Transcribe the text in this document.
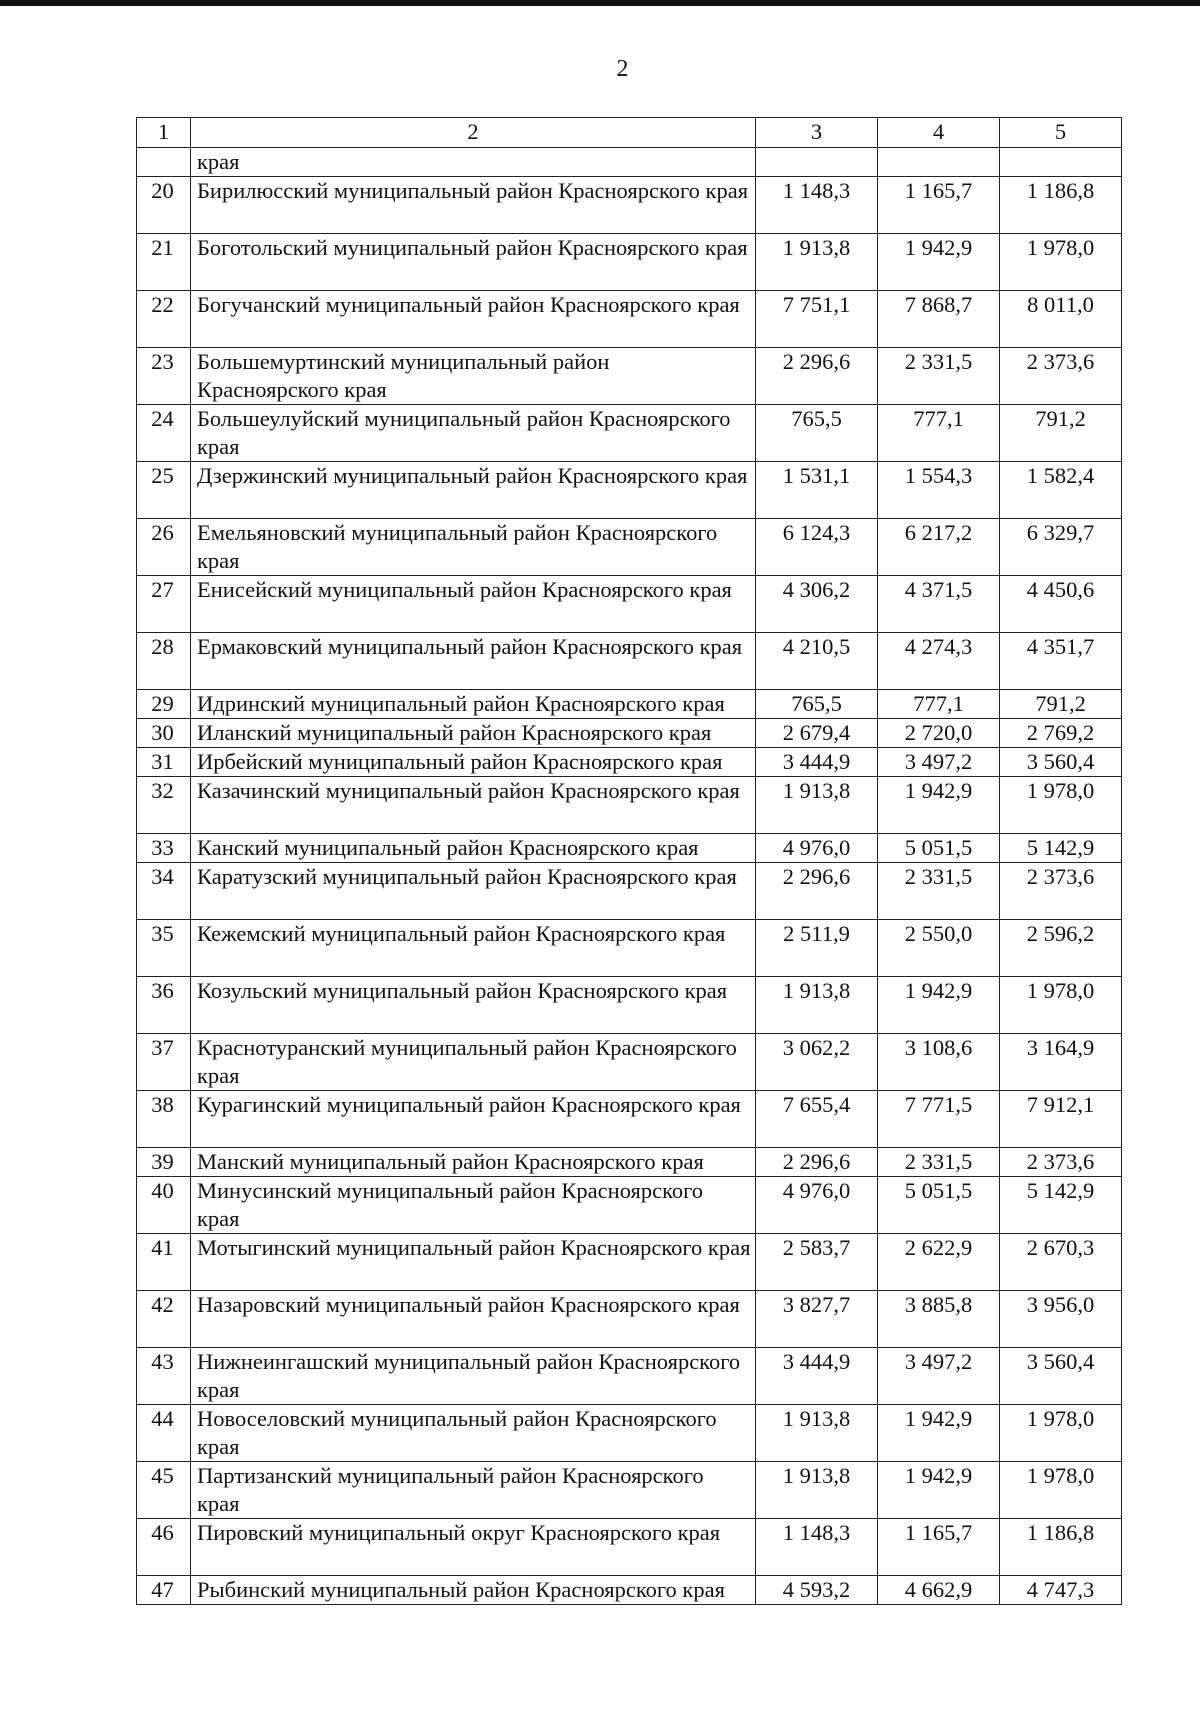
2
1	2	3	4	5
	края			
20	Бирилюсский муниципальный район Красноярского края	1 148,3	1 165,7	1 186,8
21	Боготольский муниципальный район Красноярского края	1 913,8	1 942,9	1 978,0
22	Богучанский муниципальный район Красноярского края	7 751,1	7 868,7	8 011,0
23	Большемуртинский муниципальный район Красноярского края	2 296,6	2 331,5	2 373,6
24	Большеулуйский муниципальный район Красноярского края	765,5	777,1	791,2
25	Дзержинский муниципальный район Красноярского края	1 531,1	1 554,3	1 582,4
26	Емельяновский муниципальный район Красноярского края	6 124,3	6 217,2	6 329,7
27	Енисейский муниципальный район Красноярского края	4 306,2	4 371,5	4 450,6
28	Ермаковский муниципальный район Красноярского края	4 210,5	4 274,3	4 351,7
29	Идринский муниципальный район Красноярского края	765,5	777,1	791,2
30	Иланский муниципальный район Красноярского края	2 679,4	2 720,0	2 769,2
31	Ирбейский муниципальный район Красноярского края	3 444,9	3 497,2	3 560,4
32	Казачинский муниципальный район Красноярского края	1 913,8	1 942,9	1 978,0
33	Канский муниципальный район Красноярского края	4 976,0	5 051,5	5 142,9
34	Каратузский муниципальный район Красноярского края	2 296,6	2 331,5	2 373,6
35	Кежемский муниципальный район Красноярского края	2 511,9	2 550,0	2 596,2
36	Козульский муниципальный район Красноярского края	1 913,8	1 942,9	1 978,0
37	Краснотуранский муниципальный район Красноярского края	3 062,2	3 108,6	3 164,9
38	Курагинский муниципальный район Красноярского края	7 655,4	7 771,5	7 912,1
39	Манский муниципальный район Красноярского края	2 296,6	2 331,5	2 373,6
40	Минусинский муниципальный район Красноярского края	4 976,0	5 051,5	5 142,9
41	Мотыгинский муниципальный район Красноярского края	2 583,7	2 622,9	2 670,3
42	Назаровский муниципальный район Красноярского края	3 827,7	3 885,8	3 956,0
43	Нижнеингашский муниципальный район Красноярского края	3 444,9	3 497,2	3 560,4
44	Новоселовский муниципальный район Красноярского края	1 913,8	1 942,9	1 978,0
45	Партизанский муниципальный район Красноярского края	1 913,8	1 942,9	1 978,0
46	Пировский муниципальный округ Красноярского края	1 148,3	1 165,7	1 186,8
47	Рыбинский муниципальный район Красноярского края	4 593,2	4 662,9	4 747,3
